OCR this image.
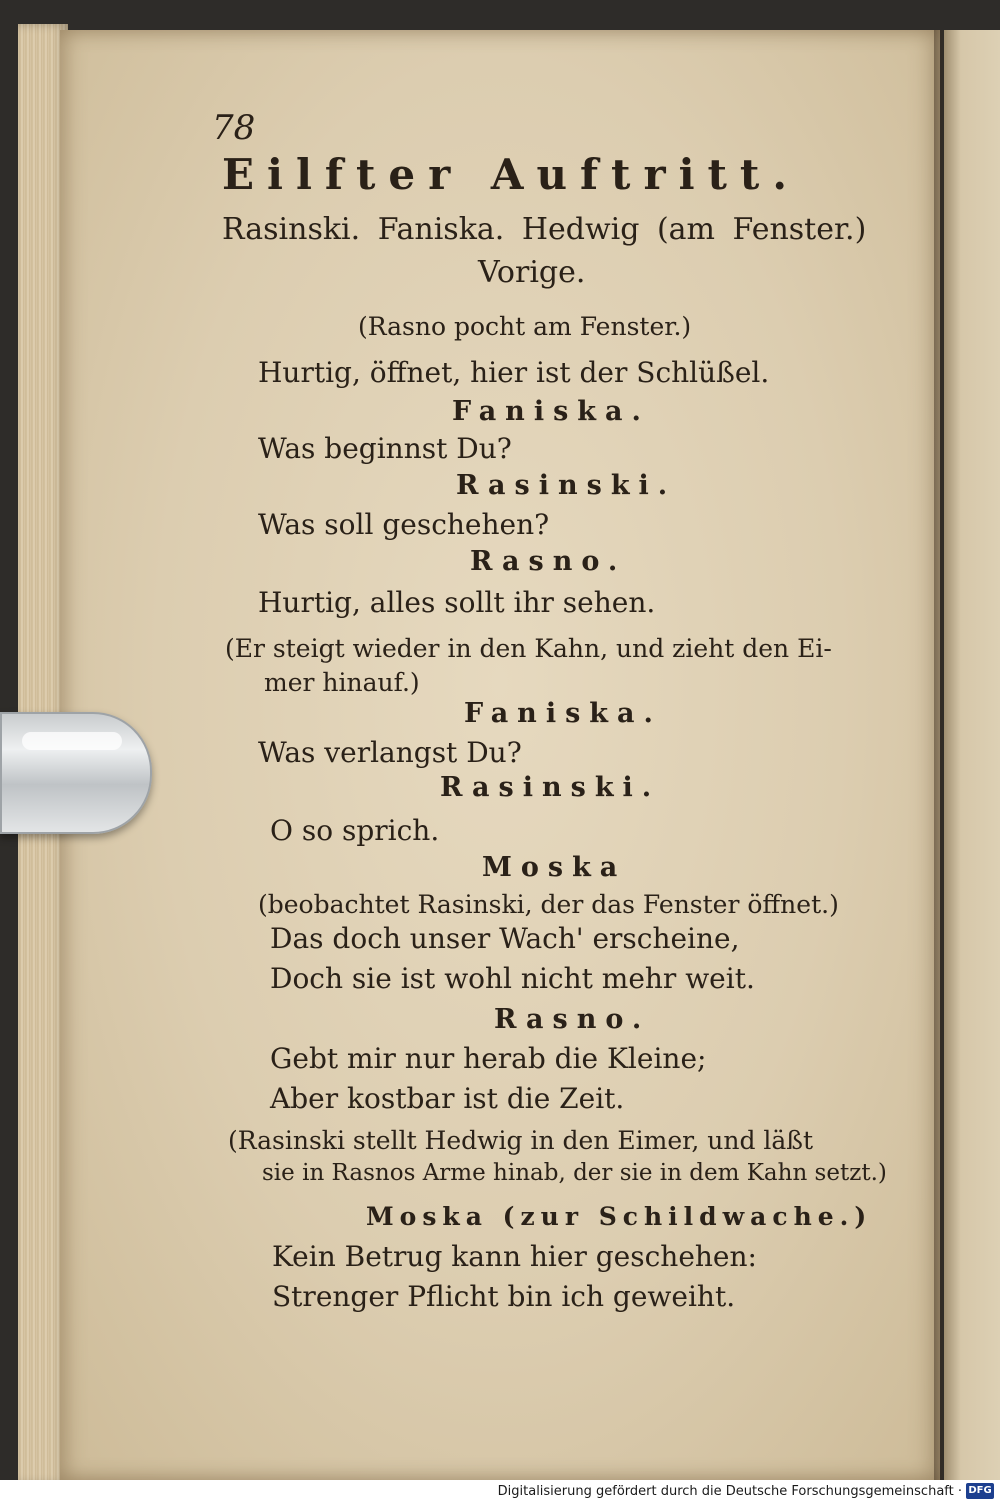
78
Eilfter Auftritt.
Rasinski. Faniska. Hedwig (am Fenster.)
Vorige.
(Rasno pocht am Fenster.)
Hurtig, öffnet, hier ist der Schlüßel.
Faniska.
Was beginnst Du?
Rasinski.
Was soll geschehen?
Rasno.
Hurtig, alles sollt ihr sehen.
(Er steigt wieder in den Kahn, und zieht den Ei-
mer hinauf.)
Faniska.
Was verlangst Du?
Rasinski.
O so sprich.
Moska
(beobachtet Rasinski, der das Fenster öffnet.)
Das doch unser Wach' erscheine,
Doch sie ist wohl nicht mehr weit.
Rasno.
Gebt mir nur herab die Kleine;
Aber kostbar ist die Zeit.
(Rasinski stellt Hedwig in den Eimer, und läßt
sie in Rasnos Arme hinab, der sie in dem Kahn setzt.)
Moska (zur Schildwache.)
Kein Betrug kann hier geschehen:
Strenger Pflicht bin ich geweiht.
Digitalisierung gefördert durch die Deutsche Forschungsgemeinschaft · DFG
